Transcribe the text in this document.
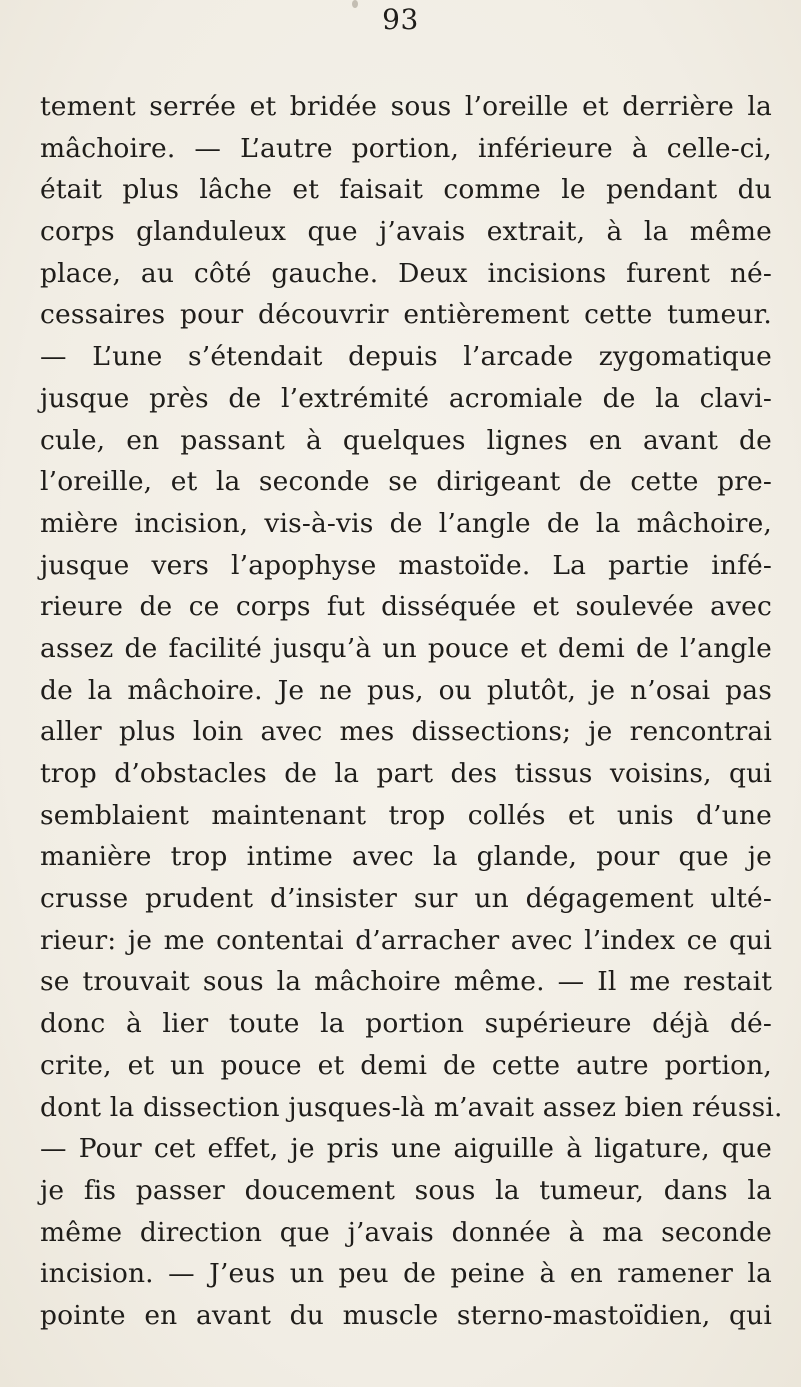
93
tement serrée et bridée sous l’oreille et derrière la
mâchoire. — L’autre portion, inférieure à celle-ci,
était plus lâche et faisait comme le pendant du
corps glanduleux que j’avais extrait, à la même
place, au côté gauche. Deux incisions furent né-
cessaires pour découvrir entièrement cette tumeur.
— L’une s’étendait depuis l’arcade zygomatique
jusque près de l’extrémité acromiale de la clavi-
cule, en passant à quelques lignes en avant de
l’oreille, et la seconde se dirigeant de cette pre-
mière incision, vis-à-vis de l’angle de la mâchoire,
jusque vers l’apophyse mastoïde. La partie infé-
rieure de ce corps fut disséquée et soulevée avec
assez de facilité jusqu’à un pouce et demi de l’angle
de la mâchoire. Je ne pus, ou plutôt, je n’osai pas
aller plus loin avec mes dissections; je rencontrai
trop d’obstacles de la part des tissus voisins, qui
semblaient maintenant trop collés et unis d’une
manière trop intime avec la glande, pour que je
crusse prudent d’insister sur un dégagement ulté-
rieur: je me contentai d’arracher avec l’index ce qui
se trouvait sous la mâchoire même. — Il me restait
donc à lier toute la portion supérieure déjà dé-
crite, et un pouce et demi de cette autre portion,
dont la dissection jusques-là m’avait assez bien réussi.
— Pour cet effet, je pris une aiguille à ligature, que
je fis passer doucement sous la tumeur, dans la
même direction que j’avais donnée à ma seconde
incision. — J’eus un peu de peine à en ramener la
pointe en avant du muscle sterno-mastoïdien, qui
